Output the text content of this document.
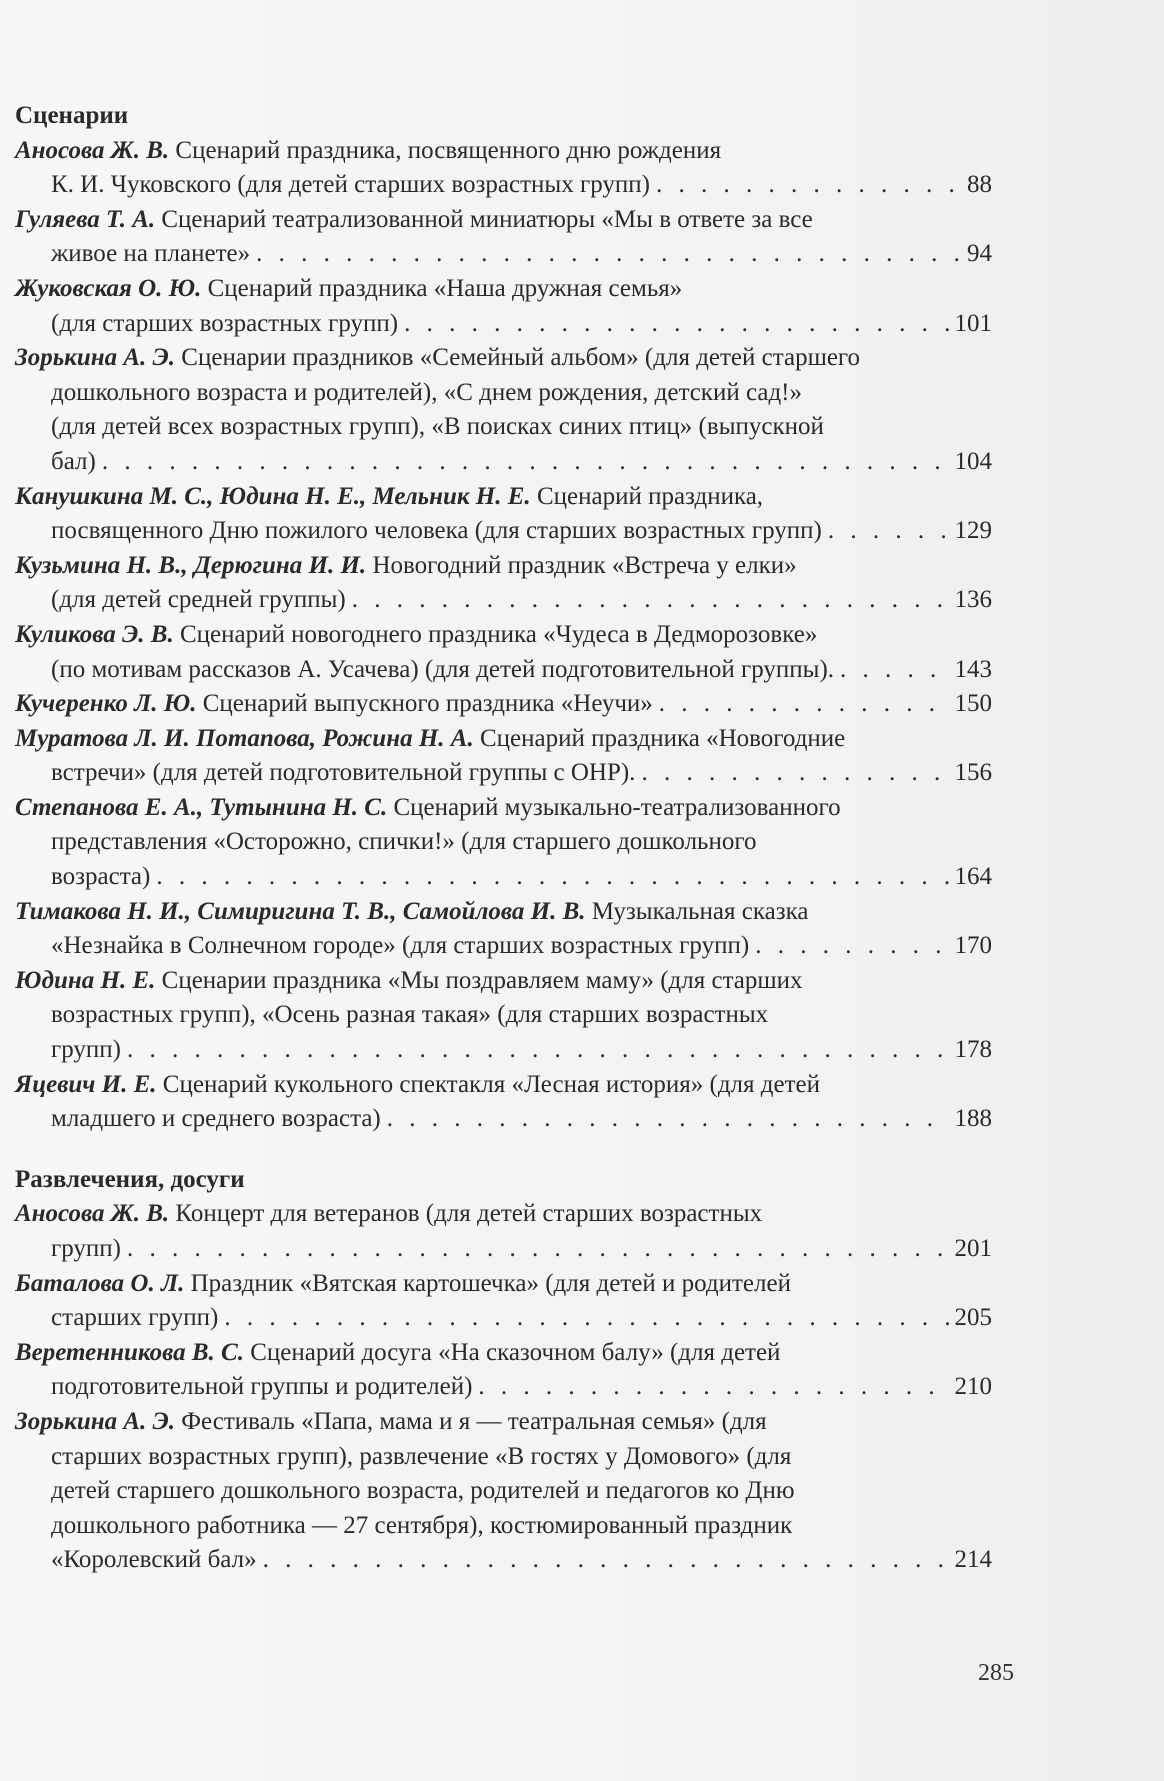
Сценарии
Аносова Ж. В. Сценарий праздника, посвященного дню рождения
К. И. Чуковского (для детей старших возрастных групп) . . .	88
Гуляева Т. А. Сценарий театрализованной миниатюры «Мы в ответе за все
живое на планете» . . .	94
Жуковская О. Ю. Сценарий праздника «Наша дружная семья»
(для старших возрастных групп) . . .	101
Зорькина А. Э. Сценарии праздников «Семейный альбом» (для детей старшего
дошкольного возраста и родителей), «С днем рождения, детский сад!»
(для детей всех возрастных групп), «В поисках синих птиц» (выпускной
бал) . . .	104
Канушкина М. С., Юдина Н. Е., Мельник Н. Е. Сценарий праздника,
посвященного Дню пожилого человека (для старших возрастных групп) . . .	129
Кузьмина Н. В., Дерюгина И. И. Новогодний праздник «Встреча у елки»
(для детей средней группы) . . .	136
Куликова Э. В. Сценарий новогоднего праздника «Чудеса в Дедморозовке»
(по мотивам рассказов А. Усачева) (для детей подготовительной группы). . . .	143
Кучеренко Л. Ю. Сценарий выпускного праздника «Неучи» . . .	150
Муратова Л. И. Потапова, Рожина Н. А. Сценарий праздника «Новогодние
встречи» (для детей подготовительной группы с ОНР). . . .	156
Степанова Е. А., Тутынина Н. С. Сценарий музыкально-театрализованного
представления «Осторожно, спички!» (для старшего дошкольного
возраста) . . .	164
Тимакова Н. И., Симиригина Т. В., Самойлова И. В. Музыкальная сказка
«Незнайка в Солнечном городе» (для старших возрастных групп) . . .	170
Юдина Н. Е. Сценарии праздника «Мы поздравляем маму» (для старших
возрастных групп), «Осень разная такая» (для старших возрастных
групп) . . .	178
Яцевич И. Е. Сценарий кукольного спектакля «Лесная история» (для детей
младшего и среднего возраста) . . .	188
Развлечения, досуги
Аносова Ж. В. Концерт для ветеранов (для детей старших возрастных
групп) . . .	201
Баталова О. Л. Праздник «Вятская картошечка» (для детей и родителей
старших групп) . . .	205
Веретенникова В. С. Сценарий досуга «На сказочном балу» (для детей
подготовительной группы и родителей) . . .	210
Зорькина А. Э. Фестиваль «Папа, мама и я — театральная семья» (для
старших возрастных групп), развлечение «В гостях у Домового» (для
детей старшего дошкольного возраста, родителей и педагогов ко Дню
дошкольного работника — 27 сентября), костюмированный праздник
«Королевский бал» . . .	214
285
